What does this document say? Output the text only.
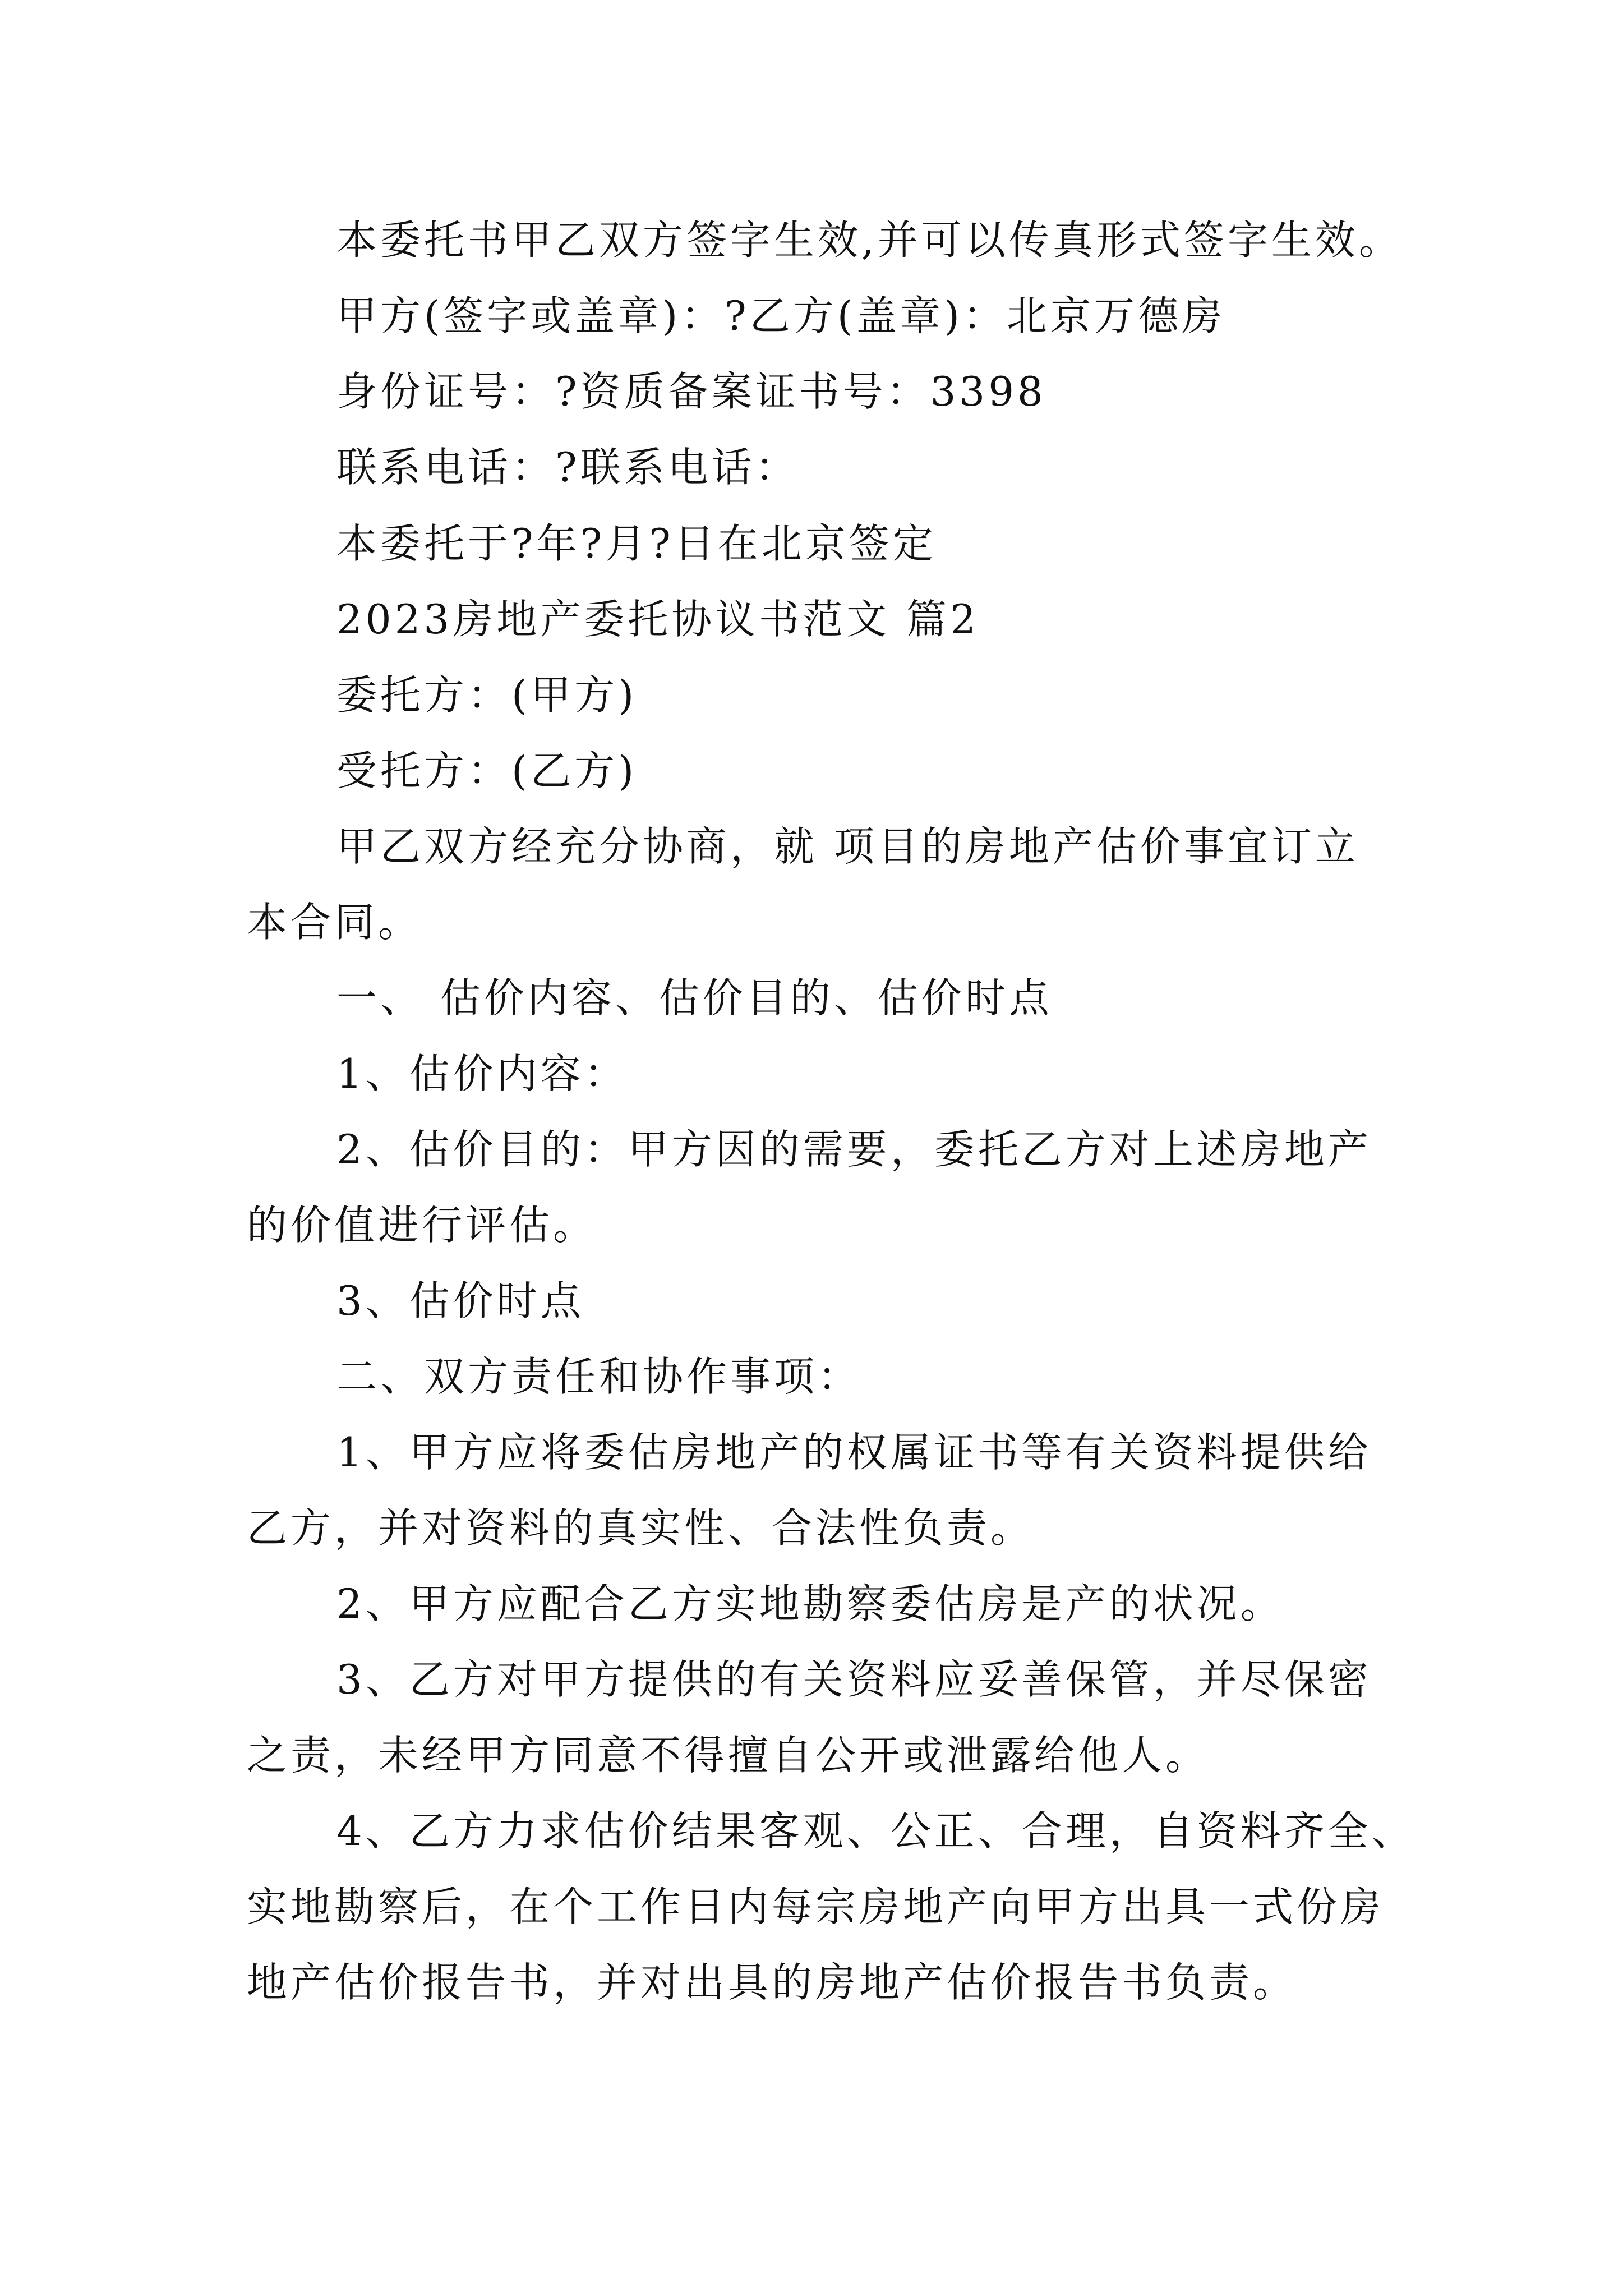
本委托书甲乙双方签字生效,并可以传真形式签字生效。
甲方(签字或盖章)：?乙方(盖章)：北京万德房
身份证号：?资质备案证书号：3398
联系电话：?联系电话：
本委托于?年?月?日在北京签定
2023房地产委托协议书范文 篇2
委托方：(甲方)
受托方：(乙方)
甲乙双方经充分协商，就 项目的房地产估价事宜订立
本合同。
一、 估价内容、估价目的、估价时点
1、估价内容：
2、估价目的：甲方因的需要，委托乙方对上述房地产
的价值进行评估。
3、估价时点
二、双方责任和协作事项：
1、甲方应将委估房地产的权属证书等有关资料提供给
乙方，并对资料的真实性、合法性负责。
2、甲方应配合乙方实地勘察委估房是产的状况。
3、乙方对甲方提供的有关资料应妥善保管，并尽保密
之责，未经甲方同意不得擅自公开或泄露给他人。
4、乙方力求估价结果客观、公正、合理，自资料齐全、
实地勘察后，在个工作日内每宗房地产向甲方出具一式份房
地产估价报告书，并对出具的房地产估价报告书负责。
